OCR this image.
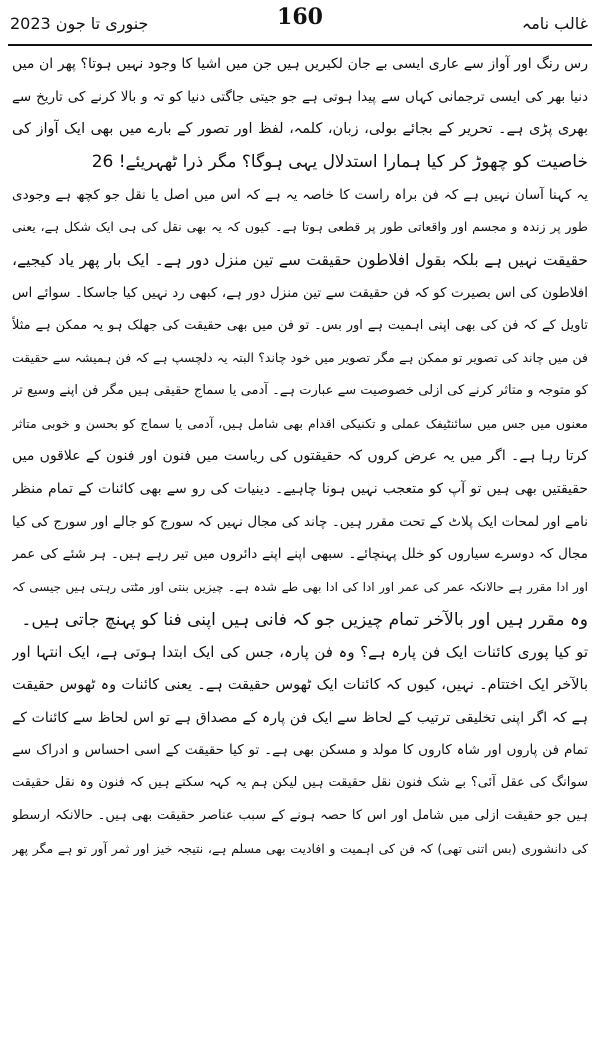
جنوری تا جون 2023	160	غالب نامہ
رس رنگ اور آواز سے عاری ایسی بے جان لکیریں ہیں جن میں اشیا کا وجود نہیں ہوتا؟ پھر ان میں
دنیا بھر کی ایسی ترجمانی کہاں سے پیدا ہوتی ہے جو جیتی جاگتی دنیا کو تہ و بالا کرنے کی تاریخ سے
بھری پڑی ہے۔ تحریر کے بجائے بولی، زبان، کلمہ، لفظ اور تصور کے بارے میں بھی ایک آواز کی
خاصیت کو چھوڑ کر کیا ہمارا استدلال یہی ہوگا؟ مگر ذرا ٹھہریئے! 26
یہ کہنا آسان نہیں ہے کہ فن براہ راست کا خاصہ یہ ہے کہ اس میں اصل یا نقل جو کچھ ہے وجودی
طور پر زندہ و مجسم اور واقعاتی طور پر قطعی ہوتا ہے۔ کیوں کہ یہ بھی نقل کی ہی ایک شکل ہے، یعنی
حقیقت نہیں ہے بلکہ بقول افلاطون حقیقت سے تین منزل دور ہے۔ ایک بار پھر یاد کیجیے،
افلاطون کی اس بصیرت کو کہ فن حقیقت سے تین منزل دور ہے، کبھی رد نہیں کیا جاسکا۔ سوائے اس
تاویل کے کہ فن کی بھی اپنی اہمیت ہے اور بس۔ تو فن میں بھی حقیقت کی جھلک ہو یہ ممکن ہے مثلاً
فن میں چاند کی تصویر تو ممکن ہے مگر تصویر میں خود چاند؟ البتہ یہ دلچسپ ہے کہ فن ہمیشہ سے حقیقت
کو متوجہ و متاثر کرنے کی ازلی خصوصیت سے عبارت ہے۔ آدمی یا سماج حقیقی ہیں مگر فن اپنے وسیع تر
معنوں میں جس میں سائنٹیفک عملی و تکنیکی اقدام بھی شامل ہیں، آدمی یا سماج کو بحسن و خوبی متاثر
کرتا رہا ہے۔ اگر میں یہ عرض کروں کہ حقیقتوں کی ریاست میں فنون اور فنون کے علاقوں میں
حقیقتیں بھی ہیں تو آپ کو متعجب نہیں ہونا چاہیے۔ دینیات کی رو سے بھی کائنات کے تمام منظر
نامے اور لمحات ایک پلاٹ کے تحت مقرر ہیں۔ چاند کی مجال نہیں کہ سورج کو جالے اور سورج کی کیا
مجال کہ دوسرے سیاروں کو خلل پہنچائے۔ سبھی اپنے اپنے دائروں میں تیر رہے ہیں۔ ہر شئے کی عمر
اور ادا مقرر ہے حالانکہ عمر کی عمر اور ادا کی ادا بھی طے شدہ ہے۔ چیزیں بنتی اور مٹتی رہتی ہیں جیسی کہ
وہ مقرر ہیں اور بالآخر تمام چیزیں جو کہ فانی ہیں اپنی فنا کو پہنچ جاتی ہیں۔
تو کیا پوری کائنات ایک فن پارہ ہے؟ وہ فن پارہ، جس کی ایک ابتدا ہوتی ہے، ایک انتہا اور
بالآخر ایک اختتام۔ نہیں، کیوں کہ کائنات ایک ٹھوس حقیقت ہے۔ یعنی کائنات وہ ٹھوس حقیقت
ہے کہ اگر اپنی تخلیقی ترتیب کے لحاظ سے ایک فن پارہ کے مصداق ہے تو اس لحاظ سے کائنات کے
تمام فن پاروں اور شاہ کاروں کا مولد و مسکن بھی ہے۔ تو کیا حقیقت کے اسی احساس و ادراک سے
سوانگ کی عقل آئی؟ بے شک فنون نقل حقیقت ہیں لیکن ہم یہ کہہ سکتے ہیں کہ فنون وہ نقل حقیقت
ہیں جو حقیقت ازلی میں شامل اور اس کا حصہ ہونے کے سبب عناصر حقیقت بھی ہیں۔ حالانکہ ارسطو
کی دانشوری (بس اتنی تھی) کہ فن کی اہمیت و افادیت بھی مسلم ہے، نتیجہ خیز اور ثمر آور تو ہے مگر پھر
